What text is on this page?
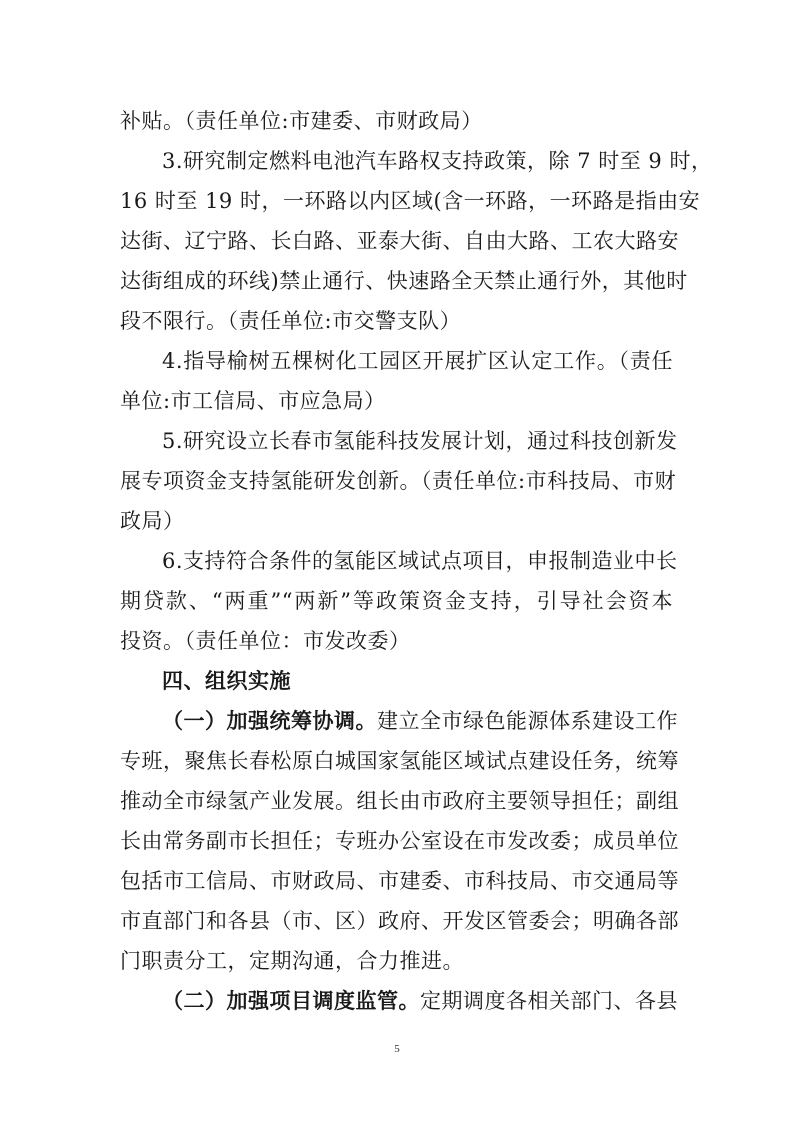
补贴。（责任单位:市建委、市财政局）
3.研究制定燃料电池汽车路权支持政策，除 7 时至 9 时，
16 时至 19 时，一环路以内区域(含一环路，一环路是指由安
达街、辽宁路、长白路、亚泰大街、自由大路、工农大路安
达街组成的环线)禁止通行、快速路全天禁止通行外，其他时
段不限行。（责任单位:市交警支队）
4.指导榆树五棵树化工园区开展扩区认定工作。（责任
单位:市工信局、市应急局）
5.研究设立长春市氢能科技发展计划，通过科技创新发
展专项资金支持氢能研发创新。（责任单位:市科技局、市财
政局）
6.支持符合条件的氢能区域试点项目，申报制造业中长
期贷款、“两重”“两新”等政策资金支持，引导社会资本
投资。（责任单位：市发改委）
四、组织实施
（一）加强统筹协调。建立全市绿色能源体系建设工作
专班，聚焦长春松原白城国家氢能区域试点建设任务，统筹
推动全市绿氢产业发展。组长由市政府主要领导担任；副组
长由常务副市长担任；专班办公室设在市发改委；成员单位
包括市工信局、市财政局、市建委、市科技局、市交通局等
市直部门和各县（市、区）政府、开发区管委会；明确各部
门职责分工，定期沟通，合力推进。
（二）加强项目调度监管。定期调度各相关部门、各县
5
